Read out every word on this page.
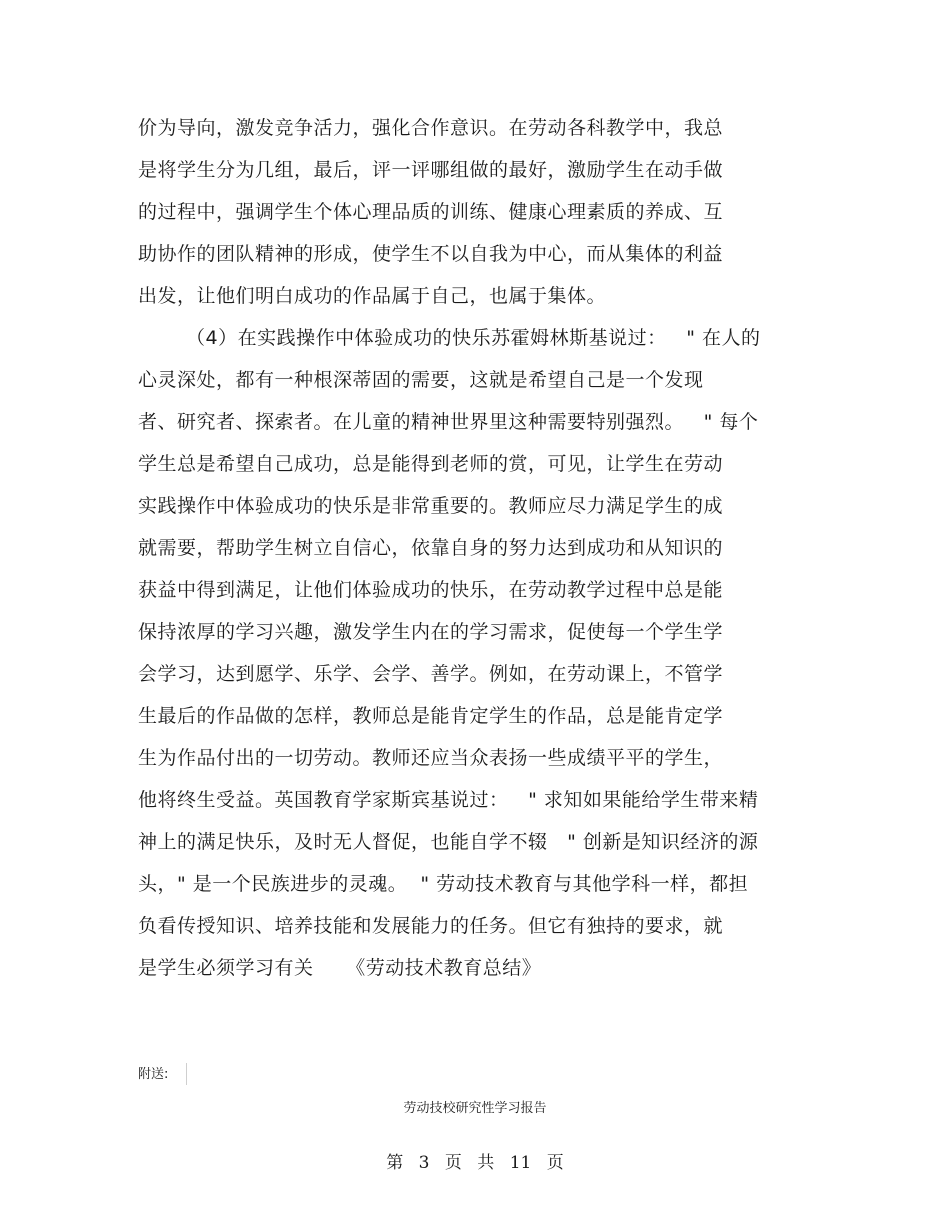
价为导向，激发竞争活力，强化合作意识。在劳动各科教学中，我总
是将学生分为几组，最后，评一评哪组做的最好，激励学生在动手做
的过程中，强调学生个体心理品质的训练、健康心理素质的养成、互
助协作的团队精神的形成，使学生不以自我为中心，而从集体的利益
出发，让他们明白成功的作品属于自己，也属于集体。
（4）在实践操作中体验成功的快乐苏霍姆林斯基说过：   " 在人的
心灵深处，都有一种根深蒂固的需要，这就是希望自己是一个发现
者、研究者、探索者。在儿童的精神世界里这种需要特别强烈。   " 每个
学生总是希望自己成功，总是能得到老师的赏，可见，让学生在劳动
实践操作中体验成功的快乐是非常重要的。教师应尽力满足学生的成
就需要，帮助学生树立自信心，依靠自身的努力达到成功和从知识的
获益中得到满足，让他们体验成功的快乐，在劳动教学过程中总是能
保持浓厚的学习兴趣，激发学生内在的学习需求，促使每一个学生学
会学习，达到愿学、乐学、会学、善学。例如，在劳动课上，不管学
生最后的作品做的怎样，教师总是能肯定学生的作品，总是能肯定学
生为作品付出的一切劳动。教师还应当众表扬一些成绩平平的学生，
他将终生受益。英国教育学家斯宾基说过：   " 求知如果能给学生带来精
神上的满足快乐，及时无人督促，也能自学不辍   " 创新是知识经济的源
头，" 是一个民族进步的灵魂。  " 劳动技术教育与其他学科一样，都担
负看传授知识、培养技能和发展能力的任务。但它有独持的要求，就
是学生必须学习有关     《劳动技术教育总结》
附送:
劳动技校研究性学习报告
第 3 页 共 11 页
